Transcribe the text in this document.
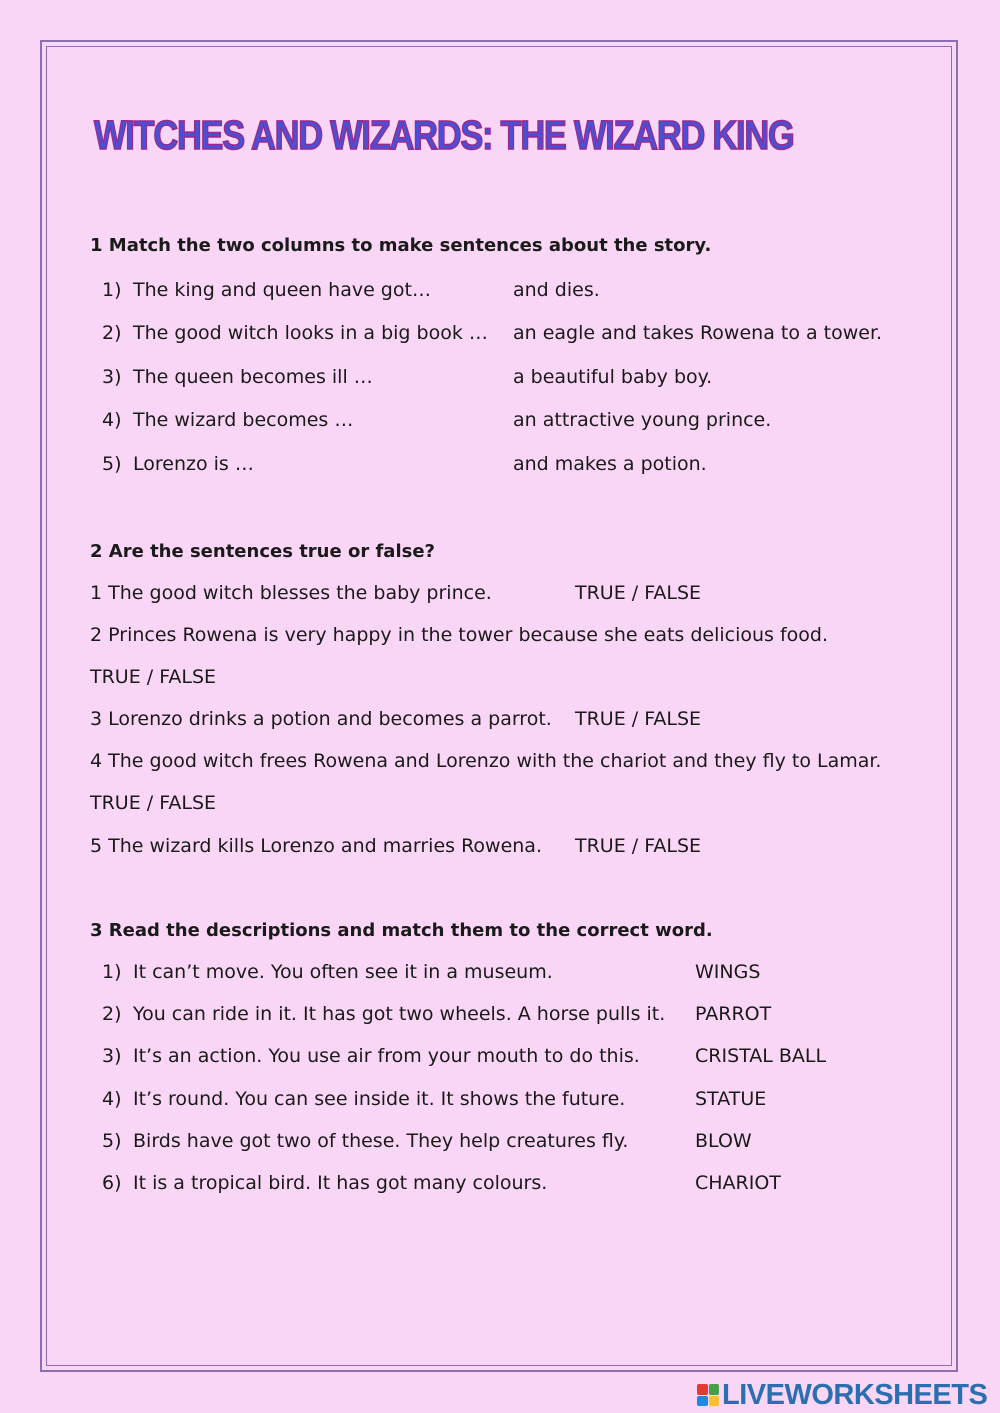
WITCHES AND WIZARDS: THE WIZARD KING
1 Match the two columns to make sentences about the story.
1) The king and queen have got…	and dies.
2) The good witch looks in a big book … an eagle and takes Rowena to a tower.
3) The queen becomes ill …	a beautiful baby boy.
4) The wizard becomes …	an attractive young prince.
5) Lorenzo is …	and makes a potion.
2 Are the sentences true or false?
1 The good witch blesses the baby prince.	TRUE / FALSE
2 Princes Rowena is very happy in the tower because she eats delicious food.
TRUE / FALSE
3 Lorenzo drinks a potion and becomes a parrot. TRUE / FALSE
4 The good witch frees Rowena and Lorenzo with the chariot and they fly to Lamar.
TRUE / FALSE
5 The wizard kills Lorenzo and marries Rowena. TRUE / FALSE
3 Read the descriptions and match them to the correct word.
1) It can’t move. You often see it in a museum.	WINGS
2) You can ride in it. It has got two wheels. A horse pulls it. PARROT
3) It’s an action. You use air from your mouth to do this.	CRISTAL BALL
4) It’s round. You can see inside it. It shows the future.	STATUE
5) Birds have got two of these. They help creatures fly.	BLOW
6) It is a tropical bird. It has got many colours.	CHARIOT
LIVEWORKSHEETS
